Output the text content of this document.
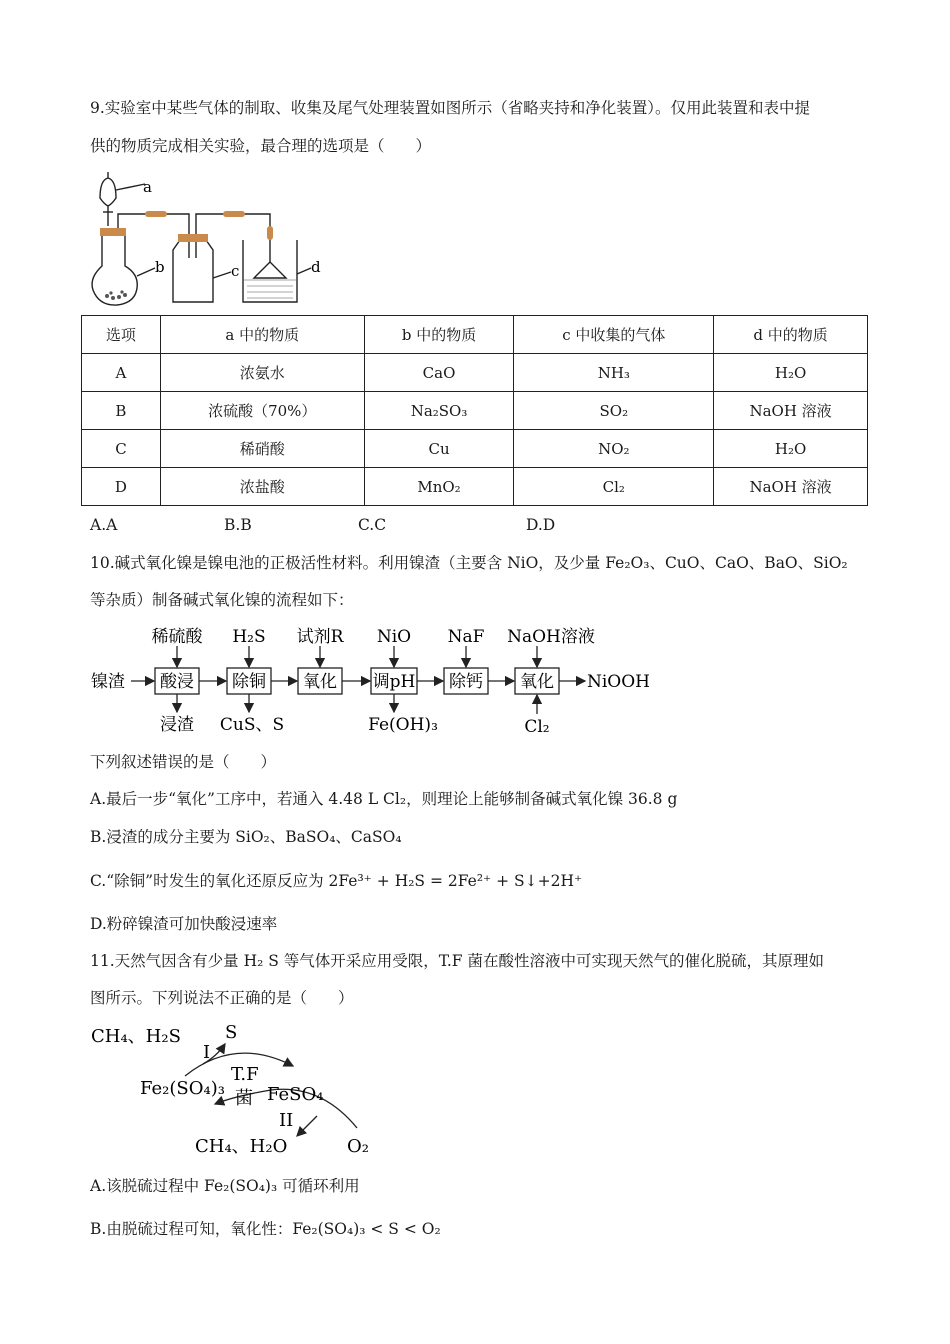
9.实验室中某些气体的制取、收集及尾气处理装置如图所示（省略夹持和净化装置）。仅用此装置和表中提
供的物质完成相关实验，最合理的选项是（　　）
a
b	c	d
选项	a 中的物质	b 中的物质	c 中收集的气体	d 中的物质
A	浓氨水	CaO	NH₃	H₂O
B	浓硫酸（70%）	Na₂SO₃	SO₂	NaOH 溶液
C	稀硝酸	Cu	NO₂	H₂O
D	浓盐酸	MnO₂	Cl₂	NaOH 溶液
A.A	B.B	C.C	D.D
10.碱式氧化镍是镍电池的正极活性材料。利用镍渣（主要含 NiO，及少量 Fe₂O₃、CuO、CaO、BaO、SiO₂
等杂质）制备碱式氧化镍的流程如下：
镍渣 酸浸 除铜 氧化 调pH 除钙 氧化 NiOOH
稀硫酸 H₂S 试剂R NiO NaF NaOH溶液
浸渣 CuS、S	Fe(OH)₃	Cl₂
下列叙述错误的是（　　）
A.最后一步“氧化”工序中，若通入 4.48 L Cl₂，则理论上能够制备碱式氧化镍 36.8 g
B.浸渣的成分主要为 SiO₂、BaSO₄、CaSO₄
C.“除铜”时发生的氧化还原反应为 2Fe³⁺ + H₂S = 2Fe²⁺ + S↓+2H⁺
D.粉碎镍渣可加快酸浸速率
11.天然气因含有少量 H₂ S 等气体开采应用受限，T.F 菌在酸性溶液中可实现天然气的催化脱硫，其原理如
图所示。下列说法不正确的是（　　）
CH₄、H₂S S
I
Fe₂(SO₄)₃
T.F
菌 FeSO₄
II
CH₄、H₂O	O₂
A.该脱硫过程中 Fe₂(SO₄)₃ 可循环利用
B.由脱硫过程可知，氧化性：Fe₂(SO₄)₃ < S < O₂
